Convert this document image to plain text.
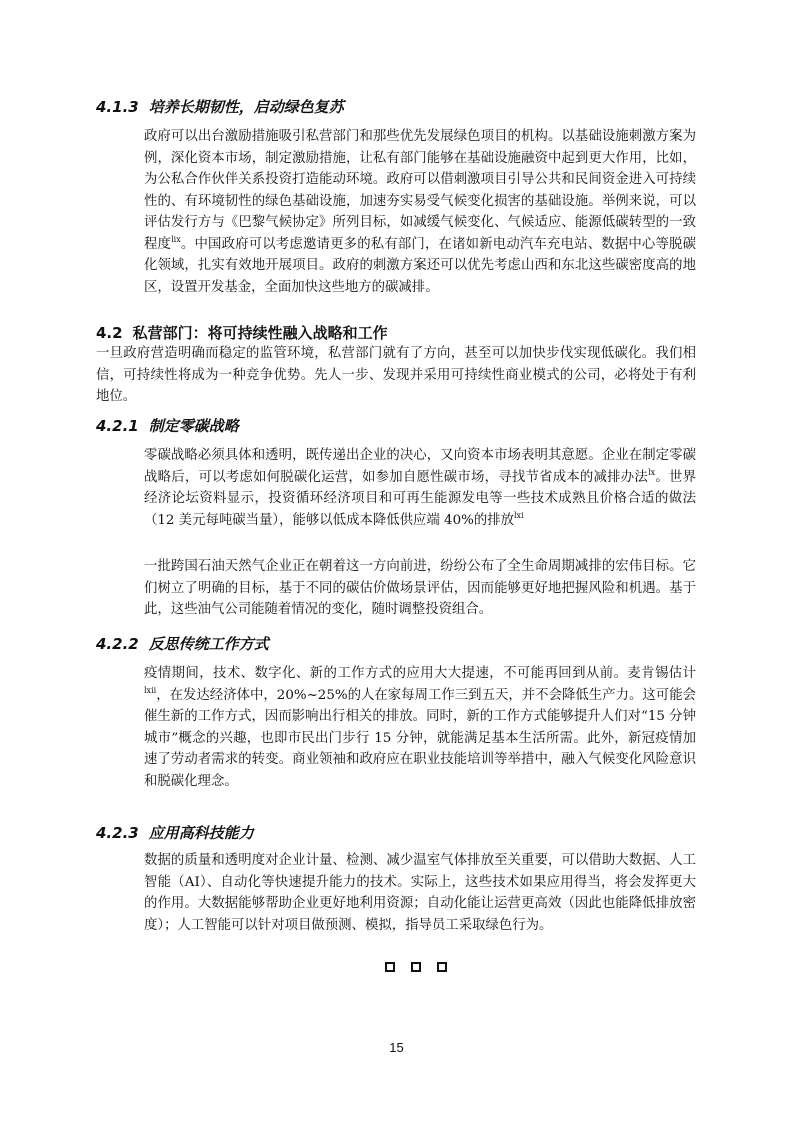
4.1.3 培养长期韧性，启动绿色复苏
政府可以出台激励措施吸引私营部门和那些优先发展绿色项目的机构。以基础设施刺激方案为例，深化资本市场，制定激励措施，让私有部门能够在基础设施融资中起到更大作用，比如，为公私合作伙伴关系投资打造能动环境。政府可以借刺激项目引导公共和民间资金进入可持续性的、有环境韧性的绿色基础设施，加速夯实易受气候变化损害的基础设施。举例来说，可以评估发行方与《巴黎气候协定》所列目标，如减缓气候变化、气候适应、能源低碳转型的一致程度$^{lix}$。中国政府可以考虑邀请更多的私有部门，在诸如新电动汽车充电站、数据中心等脱碳化领域，扎实有效地开展项目。政府的刺激方案还可以优先考虑山西和东北这些碳密度高的地区，设置开发基金，全面加快这些地方的碳减排。
4.2 私营部门：将可持续性融入战略和工作
一旦政府营造明确而稳定的监管环境，私营部门就有了方向，甚至可以加快步伐实现低碳化。我们相信，可持续性将成为一种竞争优势。先人一步、发现并采用可持续性商业模式的公司，必将处于有利地位。
4.2.1 制定零碳战略
零碳战略必须具体和透明，既传递出企业的决心，又向资本市场表明其意愿。企业在制定零碳战略后，可以考虑如何脱碳化运营，如参加自愿性碳市场，寻找节省成本的减排办法$^{lx}$。世界经济论坛资料显示，投资循环经济项目和可再生能源发电等一些技术成熟且价格合适的做法（12 美元每吨碳当量），能够以低成本降低供应端 40%的排放$^{lxi}$
一批跨国石油天然气企业正在朝着这一方向前进，纷纷公布了全生命周期减排的宏伟目标。它们树立了明确的目标，基于不同的碳估价做场景评估，因而能够更好地把握风险和机遇。基于此，这些油气公司能随着情况的变化，随时调整投资组合。
4.2.2 反思传统工作方式
疫情期间，技术、数字化、新的工作方式的应用大大提速，不可能再回到从前。麦肯锡估计$^{lxii}$，在发达经济体中，20%~25%的人在家每周工作三到五天，并不会降低生产力。这可能会催生新的工作方式，因而影响出行相关的排放。同时，新的工作方式能够提升人们对“15 分钟城市”概念的兴趣，也即市民出门步行 15 分钟，就能满足基本生活所需。此外，新冠疫情加速了劳动者需求的转变。商业领袖和政府应在职业技能培训等举措中，融入气候变化风险意识和脱碳化理念。
4.2.3 应用高科技能力
数据的质量和透明度对企业计量、检测、减少温室气体排放至关重要，可以借助大数据、人工智能（AI）、自动化等快速提升能力的技术。实际上，这些技术如果应用得当，将会发挥更大的作用。大数据能够帮助企业更好地利用资源；自动化能让运营更高效（因此也能降低排放密度）；人工智能可以针对项目做预测、模拟，指导员工采取绿色行为。
15
